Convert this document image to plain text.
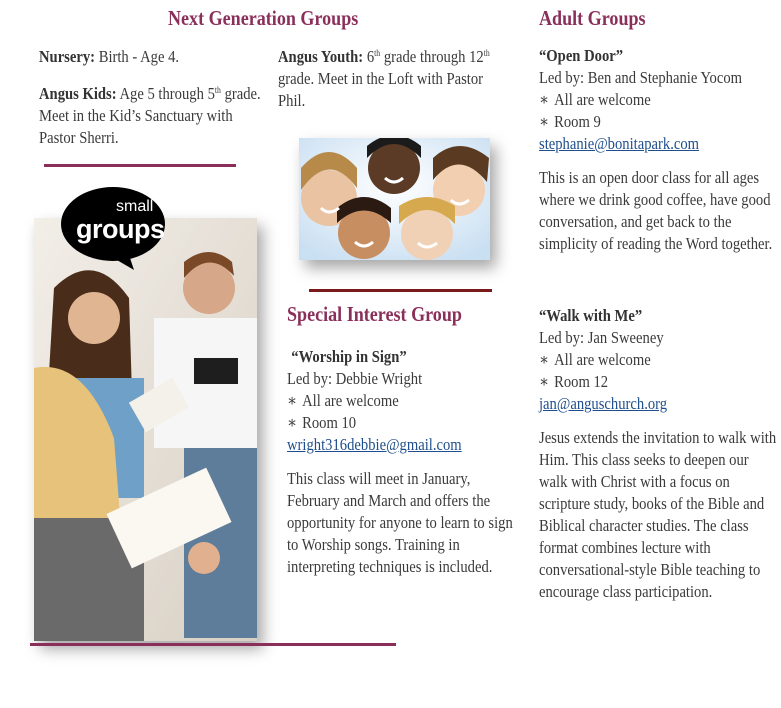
Next Generation Groups
Nursery: Birth - Age 4.
Angus Kids: Age 5 through 5th grade. Meet in the Kid’s Sanctuary with Pastor Sherri.
Angus Youth: 6th grade through 12th grade. Meet in the Loft with Pastor Phil.
small
groups
Special Interest Group
“Worship in Sign”
Led by: Debbie Wright
∗ All are welcome
∗ Room 10
wright316debbie@gmail.com
This class will meet in January, February and March and offers the opportunity for anyone to learn to sign to Worship songs. Training in interpreting techniques is included.
Adult Groups
“Open Door”
Led by: Ben and Stephanie Yocom
∗ All are welcome
∗ Room 9
stephanie@bonitapark.com
This is an open door class for all ages where we drink good coffee, have good conversation, and get back to the simplicity of reading the Word together.
“Walk with Me”
Led by: Jan Sweeney
∗ All are welcome
∗ Room 12
jan@anguschurch.org
Jesus extends the invitation to walk with Him. This class seeks to deepen our walk with Christ with a focus on scripture study, books of the Bible and Biblical character studies. The class format combines lecture with conversational-style Bible teaching to encourage class participation.
